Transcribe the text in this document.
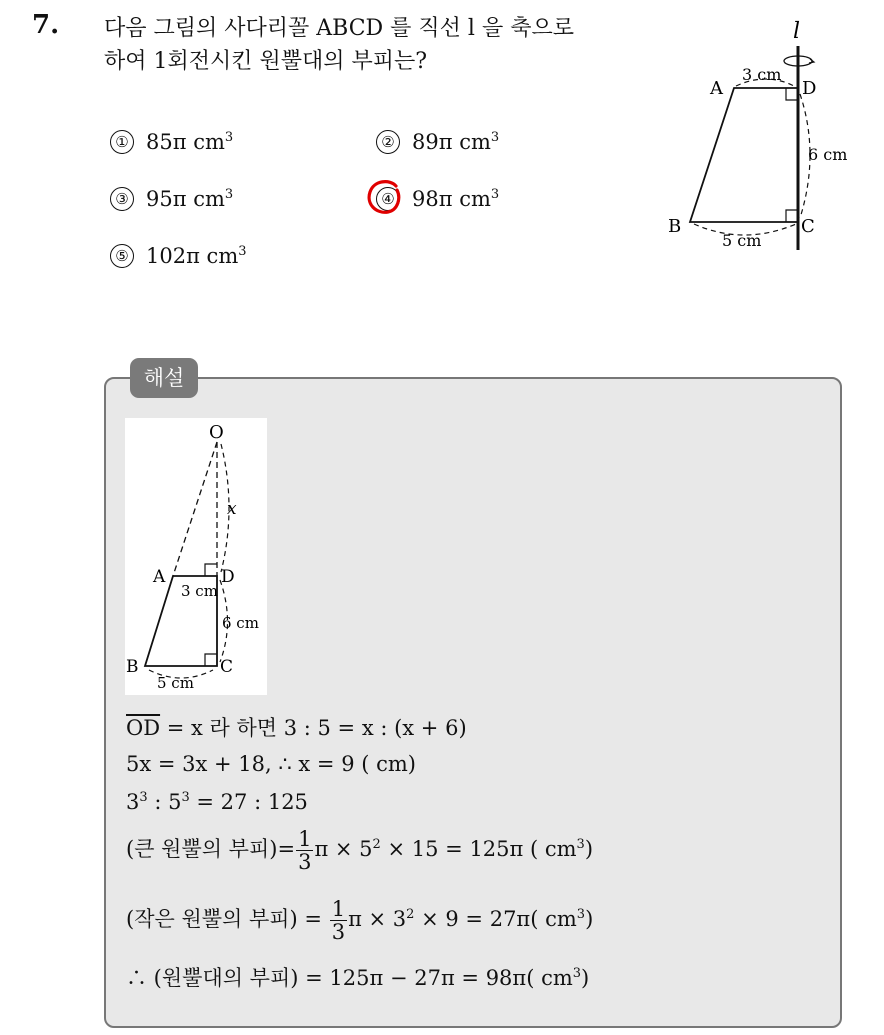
7. 다음 그림의 사다리꼴 ABCD 를 직선 l 을 축으로
하여 1회전시킨 원뿔대의 부피는?
① 85π $cm^3$	② 89π $cm^3$
③ 95π $cm^3$	④ 98π $cm^3$
⑤ 102π $cm^3$
l
A	D
B	C
3 cm
6 cm
5 cm
해설
O
x
A	D
B	C
3 cm
6 cm
5 cm
$\overline{OD} = x$ 라 하면 3 : 5 = x : (x + 6)
5x = 3x + 18, ∴ x = 9 ( cm)
$3^3$ : $5^3 = 27$ : 125
(큰 원뿔의 부피)= $\frac{1}{3}$ $\pi \times 5^2 \times 15 = 125\pi$ ( $cm^3$)
(작은 원뿔의 부피) = $\frac{1}{3}$ $\pi \times 3^2 \times 9 = 27\pi$( $cm^3$)
∴ (원뿔대의 부피) = 125π − 27π = 98π( $cm^3$)
